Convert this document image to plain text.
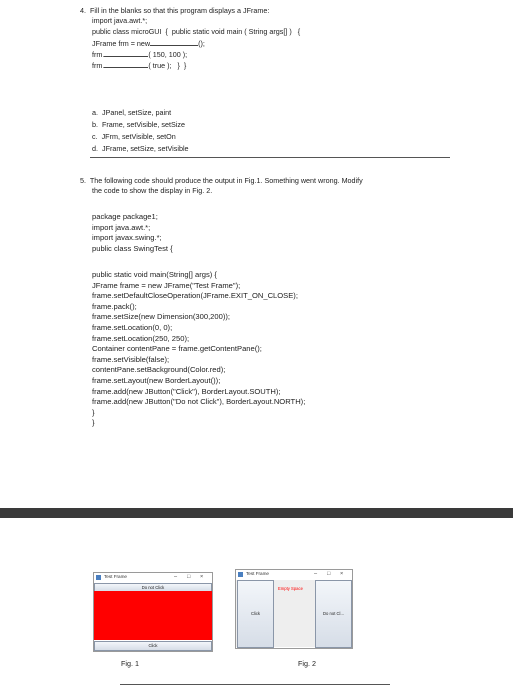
4.  Fill in the blanks so that this program displays a JFrame:
import java.awt.*;
public class microGUI  {  public static void main ( String args[] )   {
JFrame frm = new	();
frm.	( 150, 100 );
frm.	( true );   }  }
a.  JPanel, setSize, paint
b.  Frame, setVisible, setSize
c.  JFrm, setVisible, setOn
d.  JFrame, setSize, setVisible
5.  The following code should produce the output in Fig.1. Something went wrong. Modify
the code to show the display in Fig. 2.
package package1;
import java.awt.*;
import javax.swing.*;
public class SwingTest {
public static void main(String[] args) {
JFrame frame = new JFrame("Test Frame");
frame.setDefaultCloseOperation(JFrame.EXIT_ON_CLOSE);
frame.pack();
frame.setSize(new Dimension(300,200));
frame.setLocation(0, 0);
frame.setLocation(250, 250);
Container contentPane = frame.getContentPane();
frame.setVisible(false);
contentPane.setBackground(Color.red);
frame.setLayout(new BorderLayout());
frame.add(new JButton("Click"), BorderLayout.SOUTH);
frame.add(new JButton("Do not Click"), BorderLayout.NORTH);
}
}
Test Frame	– □ ×
Do not Click
Click
Fig. 1
Test Frame	– □ ×
Empty Space
Click	Do not Cl...
Fig. 2
